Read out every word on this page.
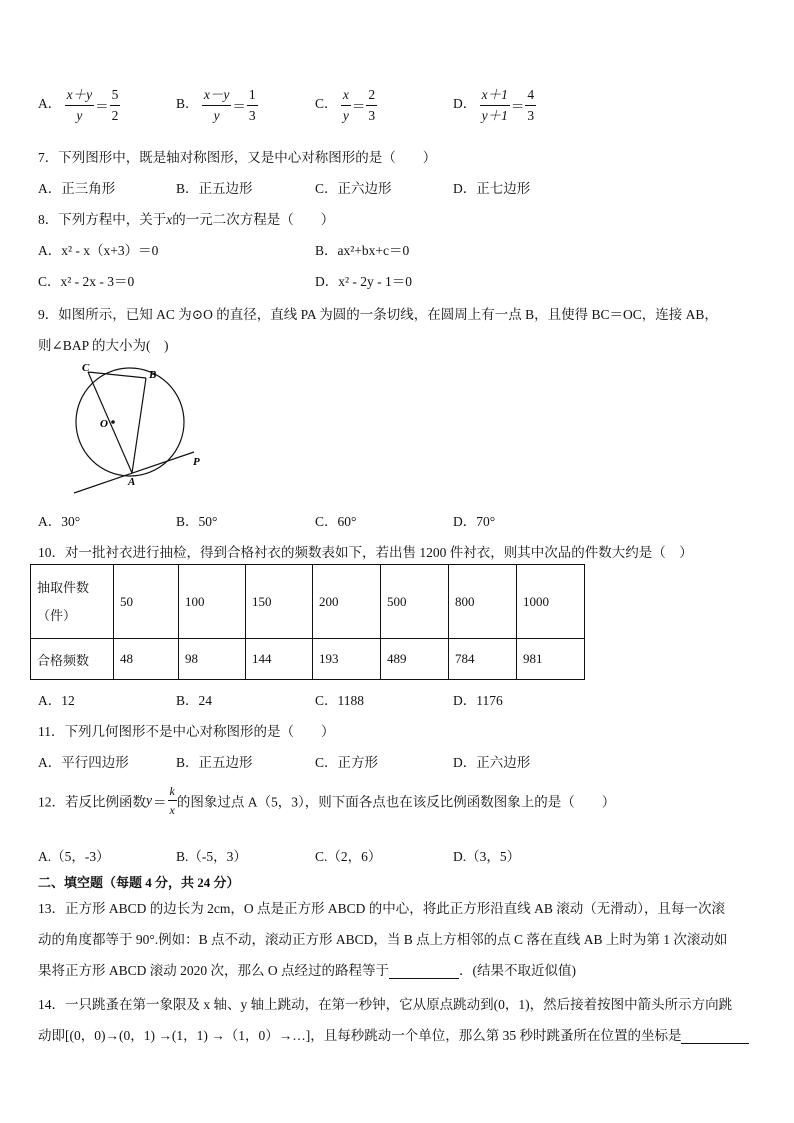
A． $\frac{x+y}{y} = \frac{5}{2}$	B． $\frac{x-y}{y} = \frac{1}{3}$	C． $\frac{x}{y} = \frac{2}{3}$	D． $\frac{x+1}{y+1} = \frac{4}{3}$
7．下列图形中，既是轴对称图形，又是中心对称图形的是（　　）
A．正三角形	B．正五边形	C．正六边形	D．正七边形
8．下列方程中，关于x的一元二次方程是（　　）
A．x² - x（x+3）＝0	B．ax²+bx+c＝0
C．x² - 2x - 3＝0	D．x² - 2y - 1＝0
9．如图所示，已知 AC 为⊙O 的直径，直线 PA 为圆的一条切线，在圆周上有一点 B，且使得 BC＝OC，连接 AB，
则∠BAP 的大小为(　)
C
B
O
A
P
A．30°	B．50°	C．60°	D．70°
10．对一批衬衣进行抽检，得到合格衬衣的频数表如下，若出售 1200 件衬衣，则其中次品的件数大约是（　）
抽取件数
（件）	50	100	150	200	500	800	1000
合格频数	48	98	144	193	489	784	981
A．12	B．24	C．1188	D．1176
11．下列几何图形不是中心对称图形的是（　　）
A．平行四边形	B．正五边形	C．正方形	D．正六边形
12．若反比例函数$y= \frac{k}{x}$ 的图象过点 A（5，3），则下面各点也在该反比例函数图象上的是（　　）
A.（5，-3）	B.（-5，3）	C.（2，6）	D.（3，5）
二、填空题（每题 4 分，共 24 分）
13．正方形 ABCD 的边长为 2cm，O 点是正方形 ABCD 的中心，将此正方形沿直线 AB 滚动（无滑动），且每一次滚
动的角度都等于 90°.例如：B 点不动，滚动正方形 ABCD，当 B 点上方相邻的点 C 落在直线 AB 上时为第 1 次滚动如
果将正方形 ABCD 滚动 2020 次，那么 O 点经过的路程等于	．(结果不取近似值)
14．一只跳蚤在第一象限及 x 轴、y 轴上跳动，在第一秒钟，它从原点跳动到(0，1)，然后接着按图中箭头所示方向跳
动即[(0，0)→(0，1) →(1，1) →（1，0）→…]，且每秒跳动一个单位，那么第 35 秒时跳蚤所在位置的坐标是
